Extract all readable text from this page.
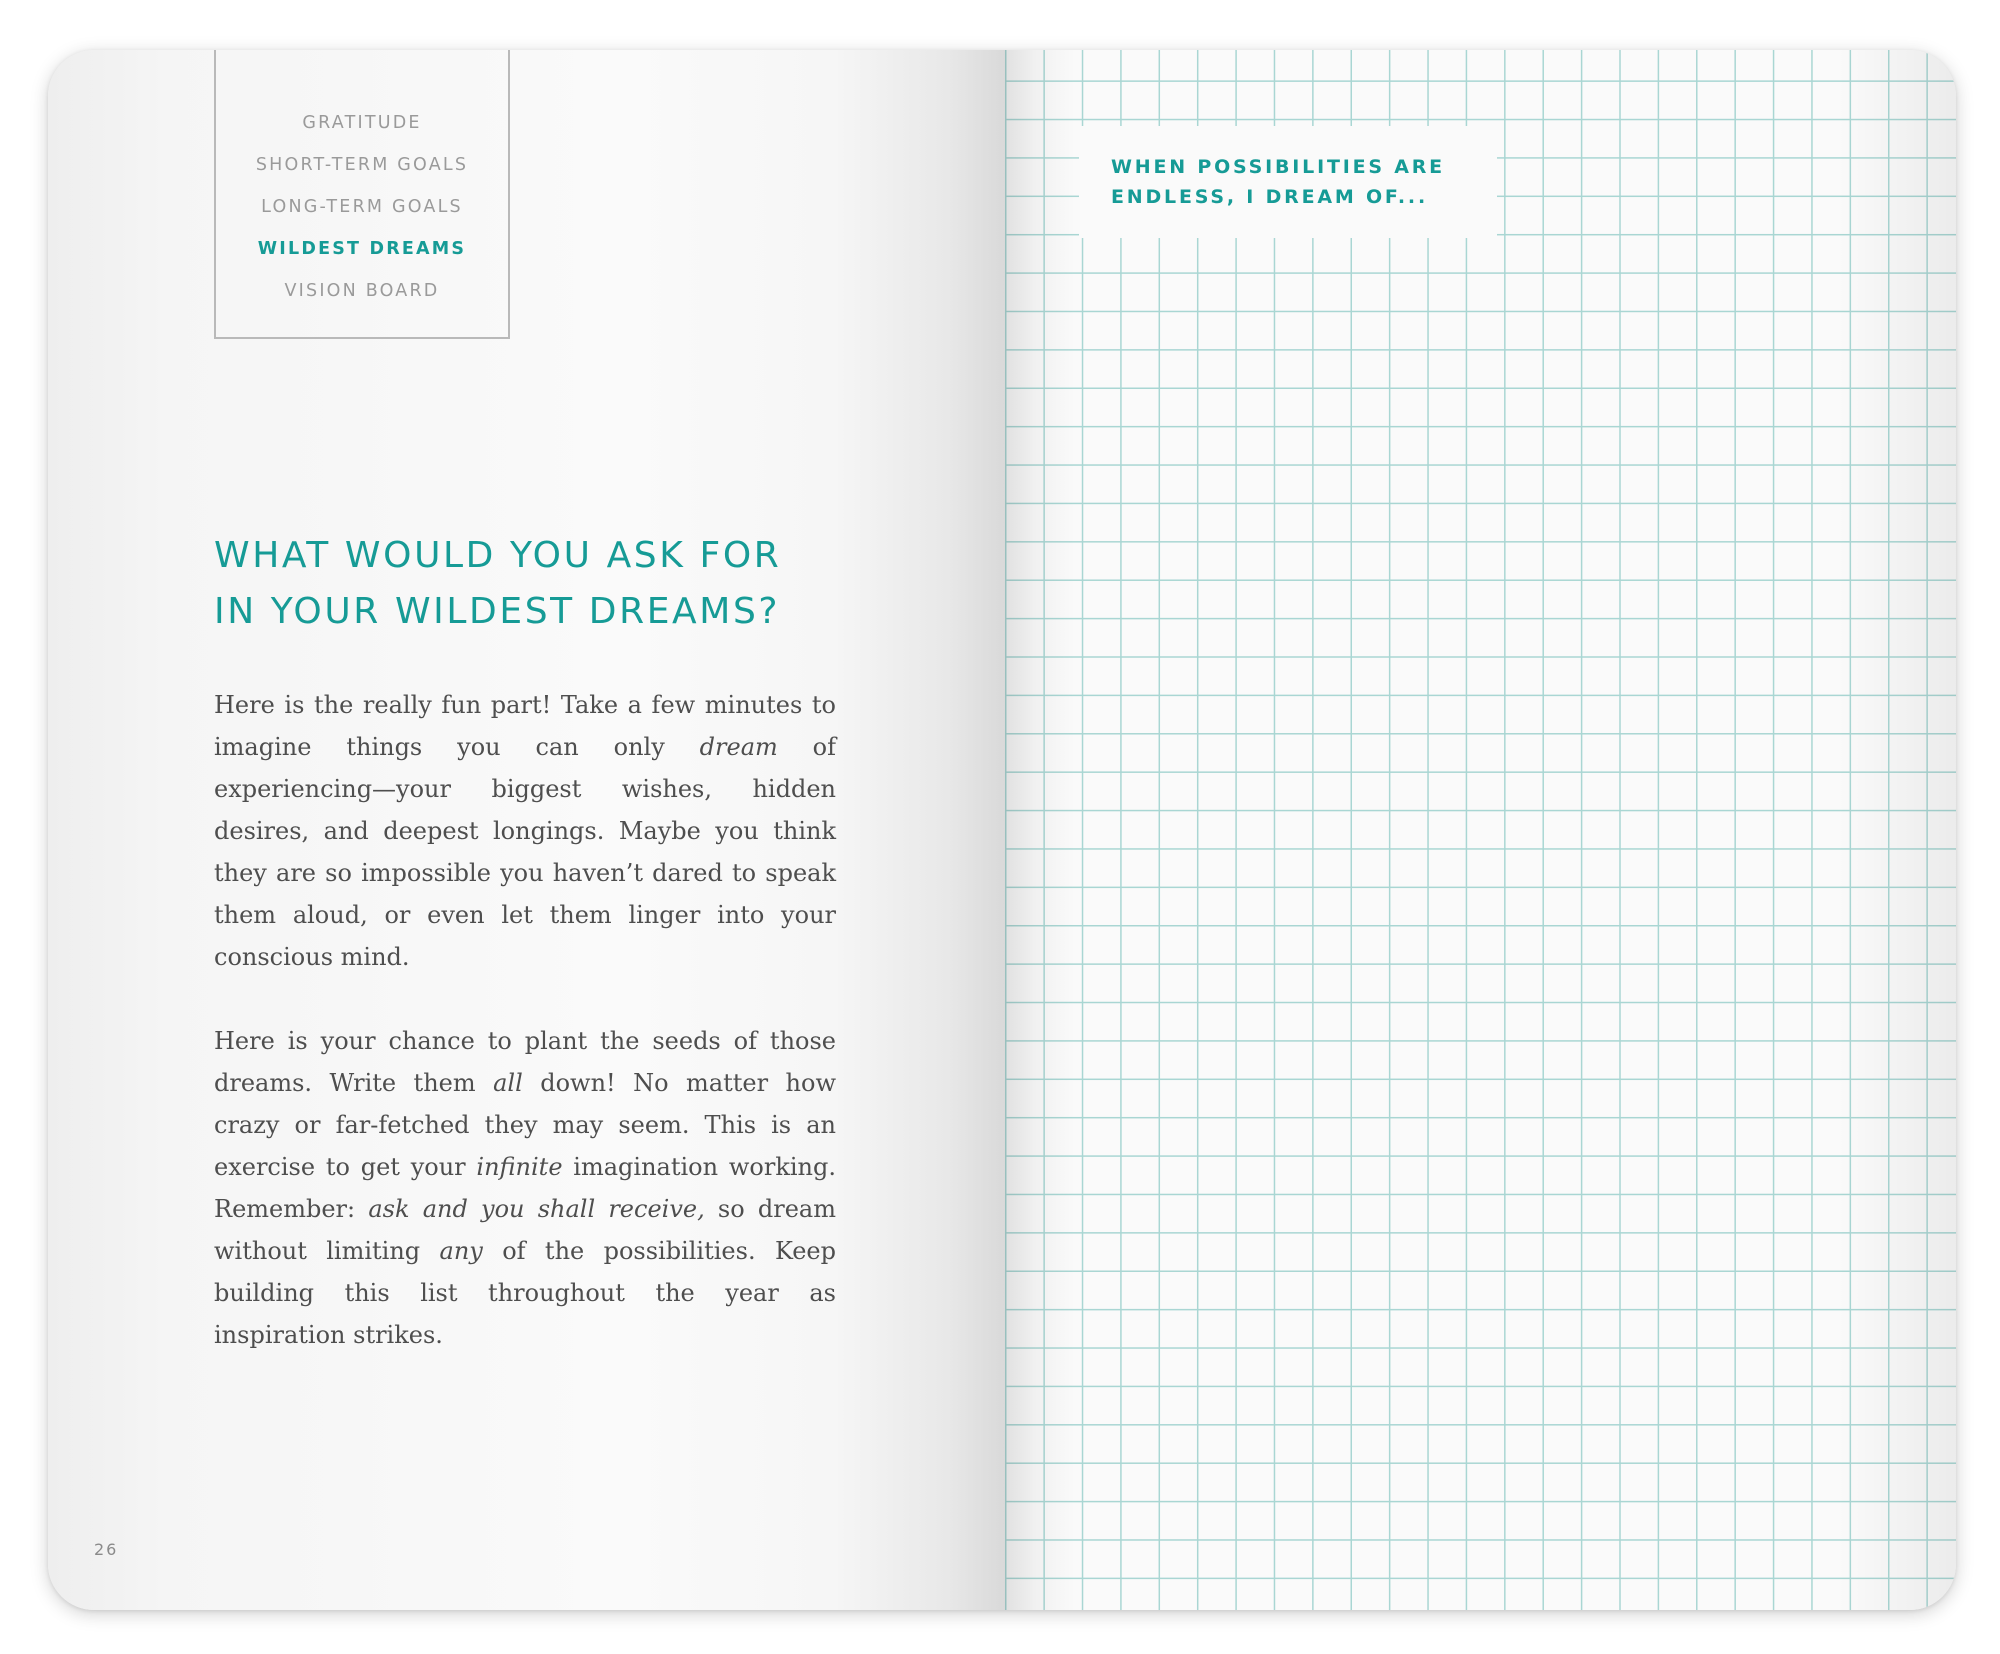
GRATITUDE
SHORT-TERM GOALS
LONG-TERM GOALS
WILDEST DREAMS
VISION BOARD
WHAT WOULD YOU ASK FOR
IN YOUR WILDEST DREAMS?

Here is the really fun part! Take a few minutes to imagine things you can only dream of experiencing—your biggest wishes, hidden desires, and deepest longings. Maybe you think they are so impossible you haven’t dared to speak them aloud, or even let them linger into your conscious mind.

Here is your chance to plant the seeds of those dreams. Write them all down! No matter how crazy or far-fetched they may seem. This is an exercise to get your infinite imagination working. Remember: ask and you shall receive, so dream without limiting any of the possibilities. Keep building this list throughout the year as inspiration strikes.

26
WHEN POSSIBILITIES ARE
ENDLESS, I DREAM OF...
